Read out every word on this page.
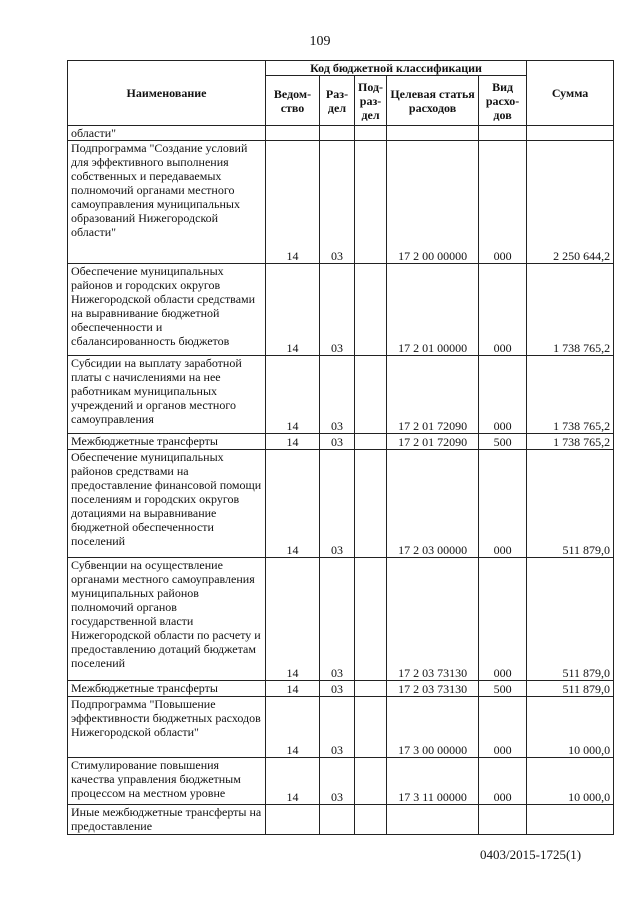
109
Наименование	Код бюджетной классификации					Сумма
	Ведом-ство	Раз-дел	Под-раз-дел	Целевая статья расходов	Вид расхо-дов	
области"						
Подпрограмма "Создание условий для эффективного выполнения собственных и передаваемых полномочий органами местного самоуправления муниципальных образований Нижегородской области"	14	03		17 2 00 00000	000	2 250 644,2
Обеспечение муниципальных районов и городских округов Нижегородской области средствами на выравнивание бюджетной обеспеченности и сбалансированность бюджетов	14	03		17 2 01 00000	000	1 738 765,2
Субсидии на выплату заработной платы с начислениями на нее работникам муниципальных учреждений и органов местного самоуправления	14	03		17 2 01 72090	000	1 738 765,2
Межбюджетные трансферты	14	03		17 2 01 72090	500	1 738 765,2
Обеспечение муниципальных районов средствами на предоставление финансовой помощи поселениям и городских округов дотациями на выравнивание бюджетной обеспеченности поселений	14	03		17 2 03 00000	000	511 879,0
Субвенции на осуществление органами местного самоуправления муниципальных районов полномочий органов государственной власти Нижегородской области по расчету и предоставлению дотаций бюджетам поселений	14	03		17 2 03 73130	000	511 879,0
Межбюджетные трансферты	14	03		17 2 03 73130	500	511 879,0
Подпрограмма "Повышение эффективности бюджетных расходов Нижегородской области"	14	03		17 3 00 00000	000	10 000,0
Стимулирование повышения качества управления бюджетным процессом на местном уровне	14	03		17 3 11 00000	000	10 000,0
Иные межбюджетные трансферты на предоставление						
0403/2015-1725(1)
